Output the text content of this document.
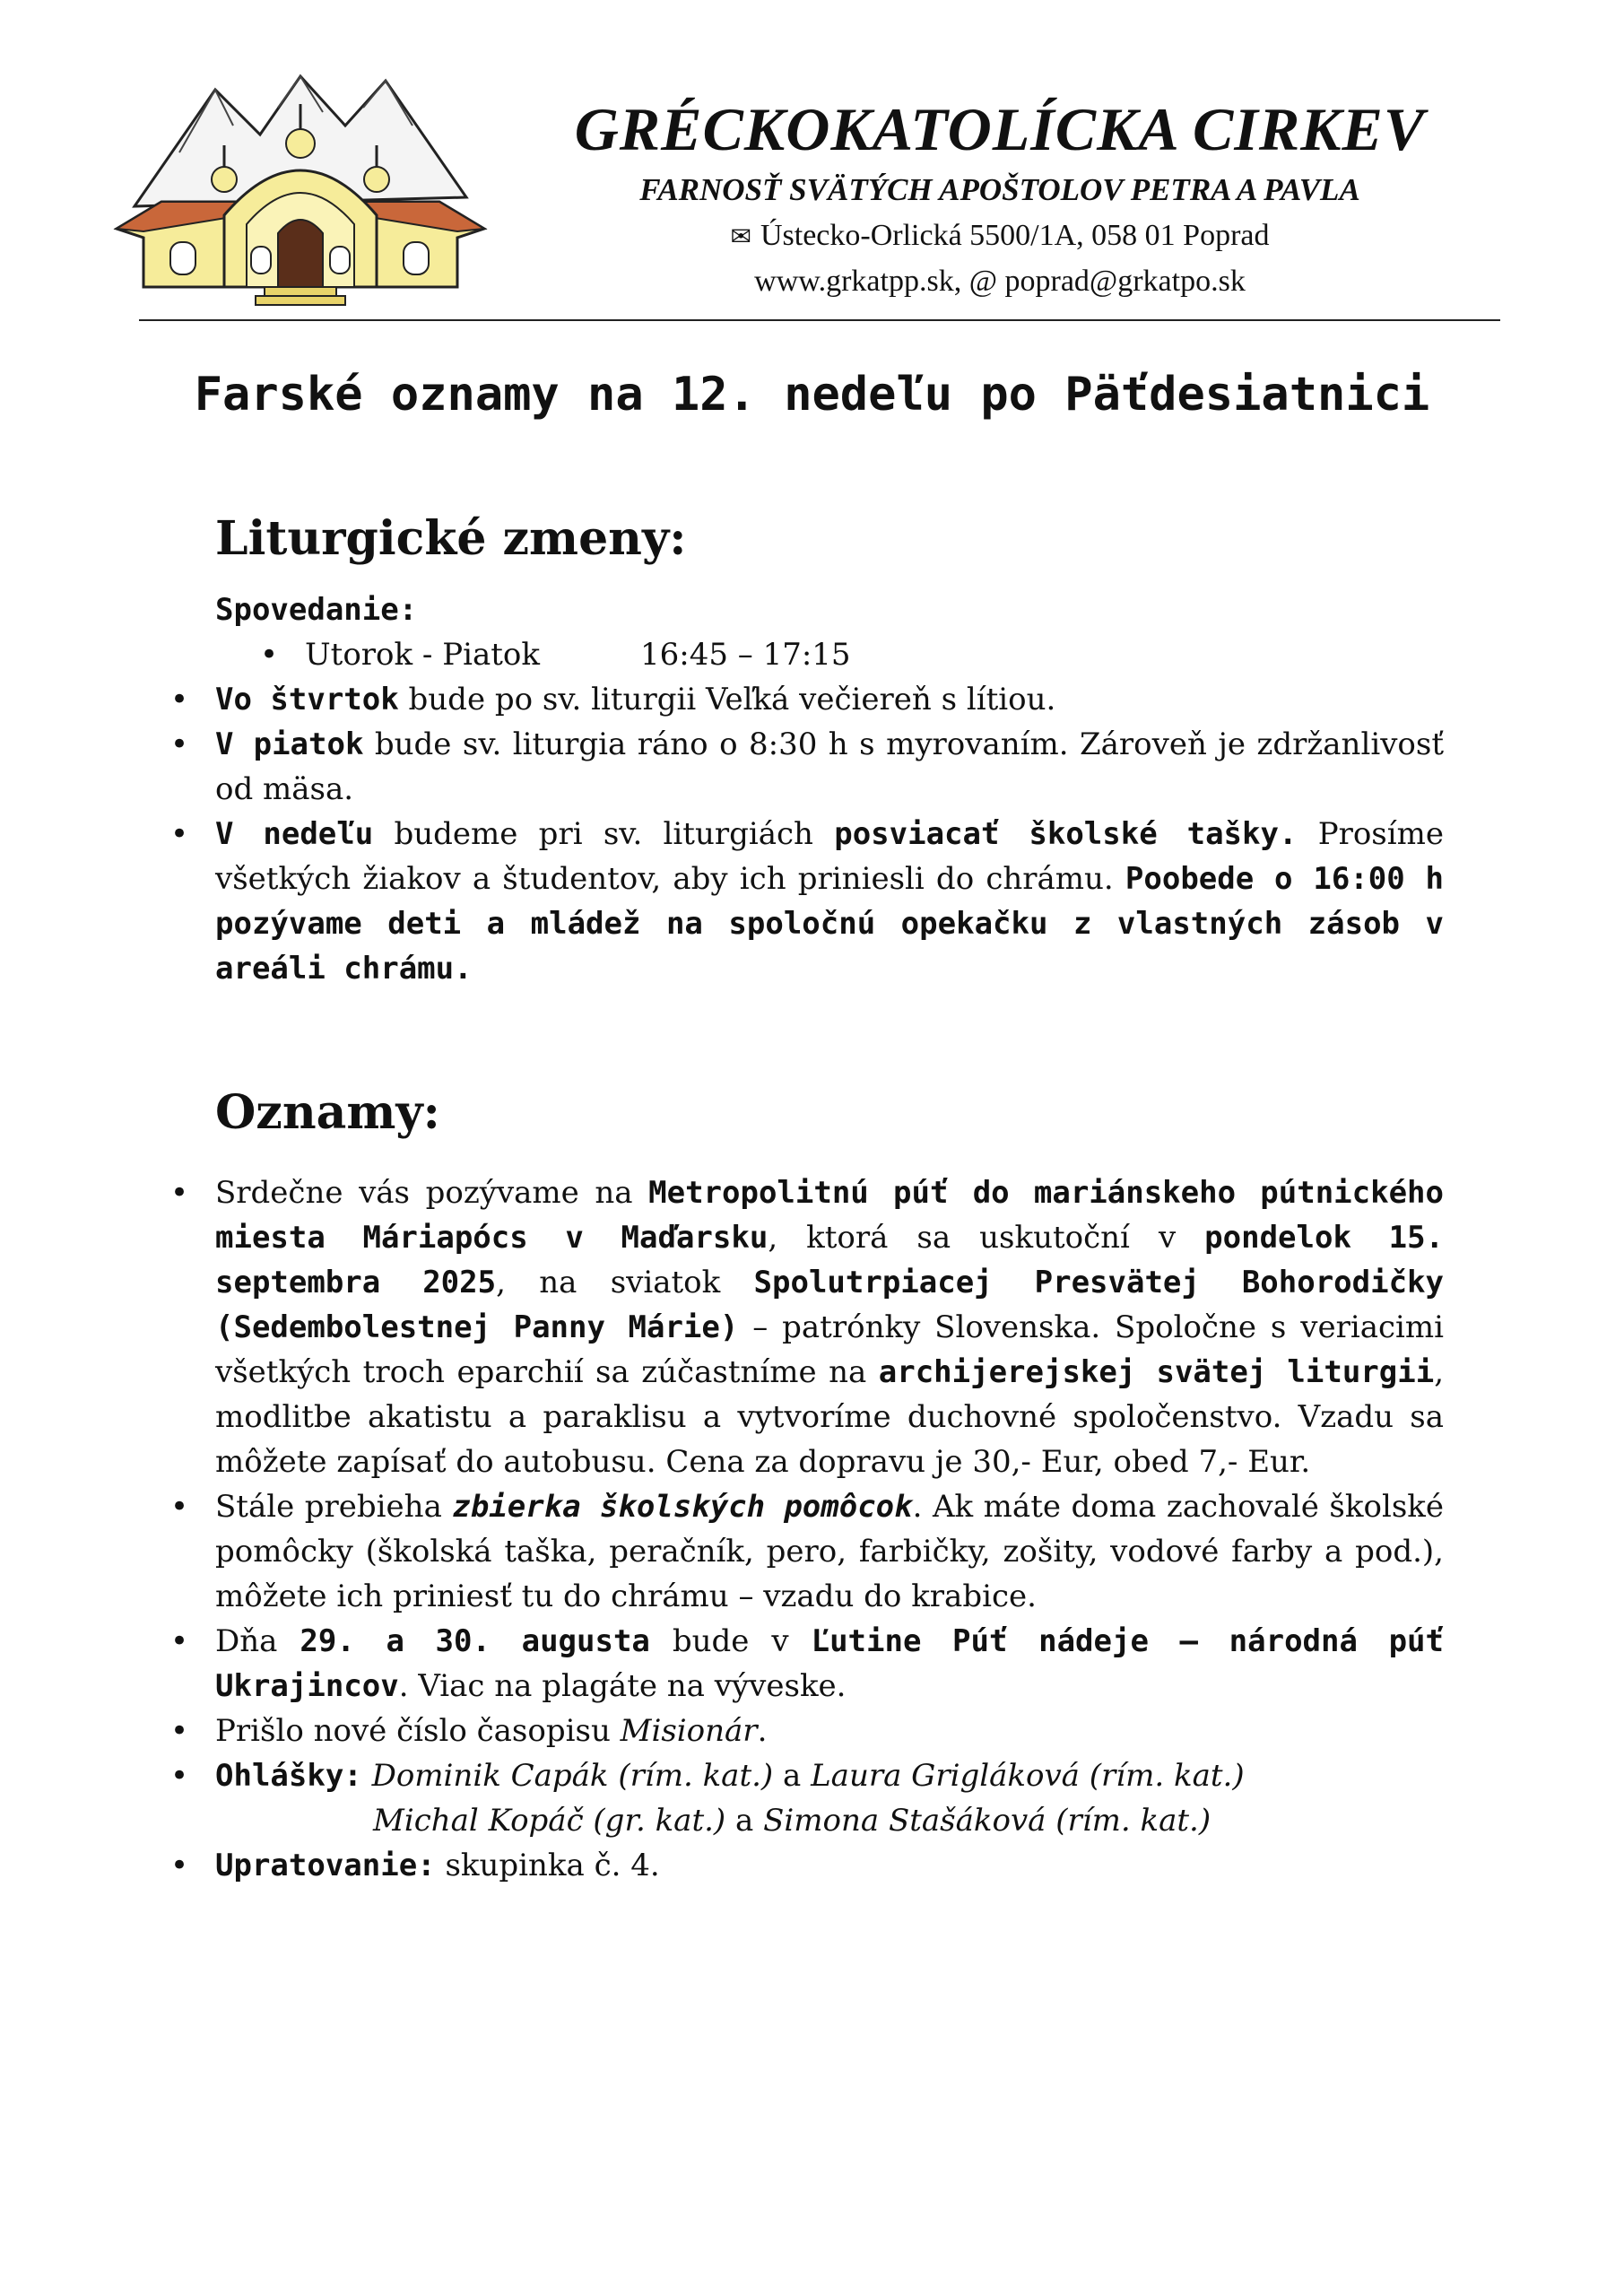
GRÉCKOKATOLÍCKA CIRKEV
FARNOSŤ SVÄTÝCH APOŠTOLOV PETRA A PAVLA
✉ Ústecko-Orlická 5500/1A, 058 01 Poprad
www.grkatpp.sk, @ poprad@grkatpo.sk
Farské oznamy na 12. nedeľu po Päťdesiatnici
Liturgické zmeny:

Spovedanie:

• Utorok - Piatok	16:45 – 17:15
• Vo štvrtok bude po sv. liturgii Veľká večiereň s lítiou.
• V piatok bude sv. liturgia ráno o 8:30 h s myrovaním. Zároveň je zdržanlivosť od mäsa.
• V nedeľu budeme pri sv. liturgiách posviacať školské tašky. Prosíme všetkých žiakov a študentov, aby ich priniesli do chrámu. Poobede o 16:00 h pozývame deti a mládež na spoločnú opekačku z vlastných zásob v areáli chrámu.
Oznamy:
• Srdečne vás pozývame na Metropolitnú púť do mariánskeho pútnického miesta Máriapócs v Maďarsku, ktorá sa uskutoční v pondelok 15. septembra 2025, na sviatok Spolutrpiacej Presvätej Bohorodičky (Sedembolestnej Panny Márie) – patrónky Slovenska. Spoločne s veriacimi všetkých troch eparchií sa zúčastníme na archijerejskej svätej liturgii, modlitbe akatistu a paraklisu a vytvoríme duchovné spoločenstvo. Vzadu sa môžete zapísať do autobusu. Cena za dopravu je 30,- Eur, obed 7,- Eur.
• Stále prebieha zbierka školských pomôcok. Ak máte doma zachovalé školské pomôcky (školská taška, peračník, pero, farbičky, zošity, vodové farby a pod.), môžete ich priniesť tu do chrámu – vzadu do krabice.
• Dňa 29. a 30. augusta bude v Ľutine Púť nádeje – národná púť Ukrajincov. Viac na plagáte na výveske.
• Prišlo nové číslo časopisu Misionár.
• Ohlášky: Dominik Capák (rím. kat.) a Laura Grigláková (rím. kat.)
Michal Kopáč (gr. kat.) a Simona Stašáková (rím. kat.)
• Upratovanie: skupinka č. 4.
